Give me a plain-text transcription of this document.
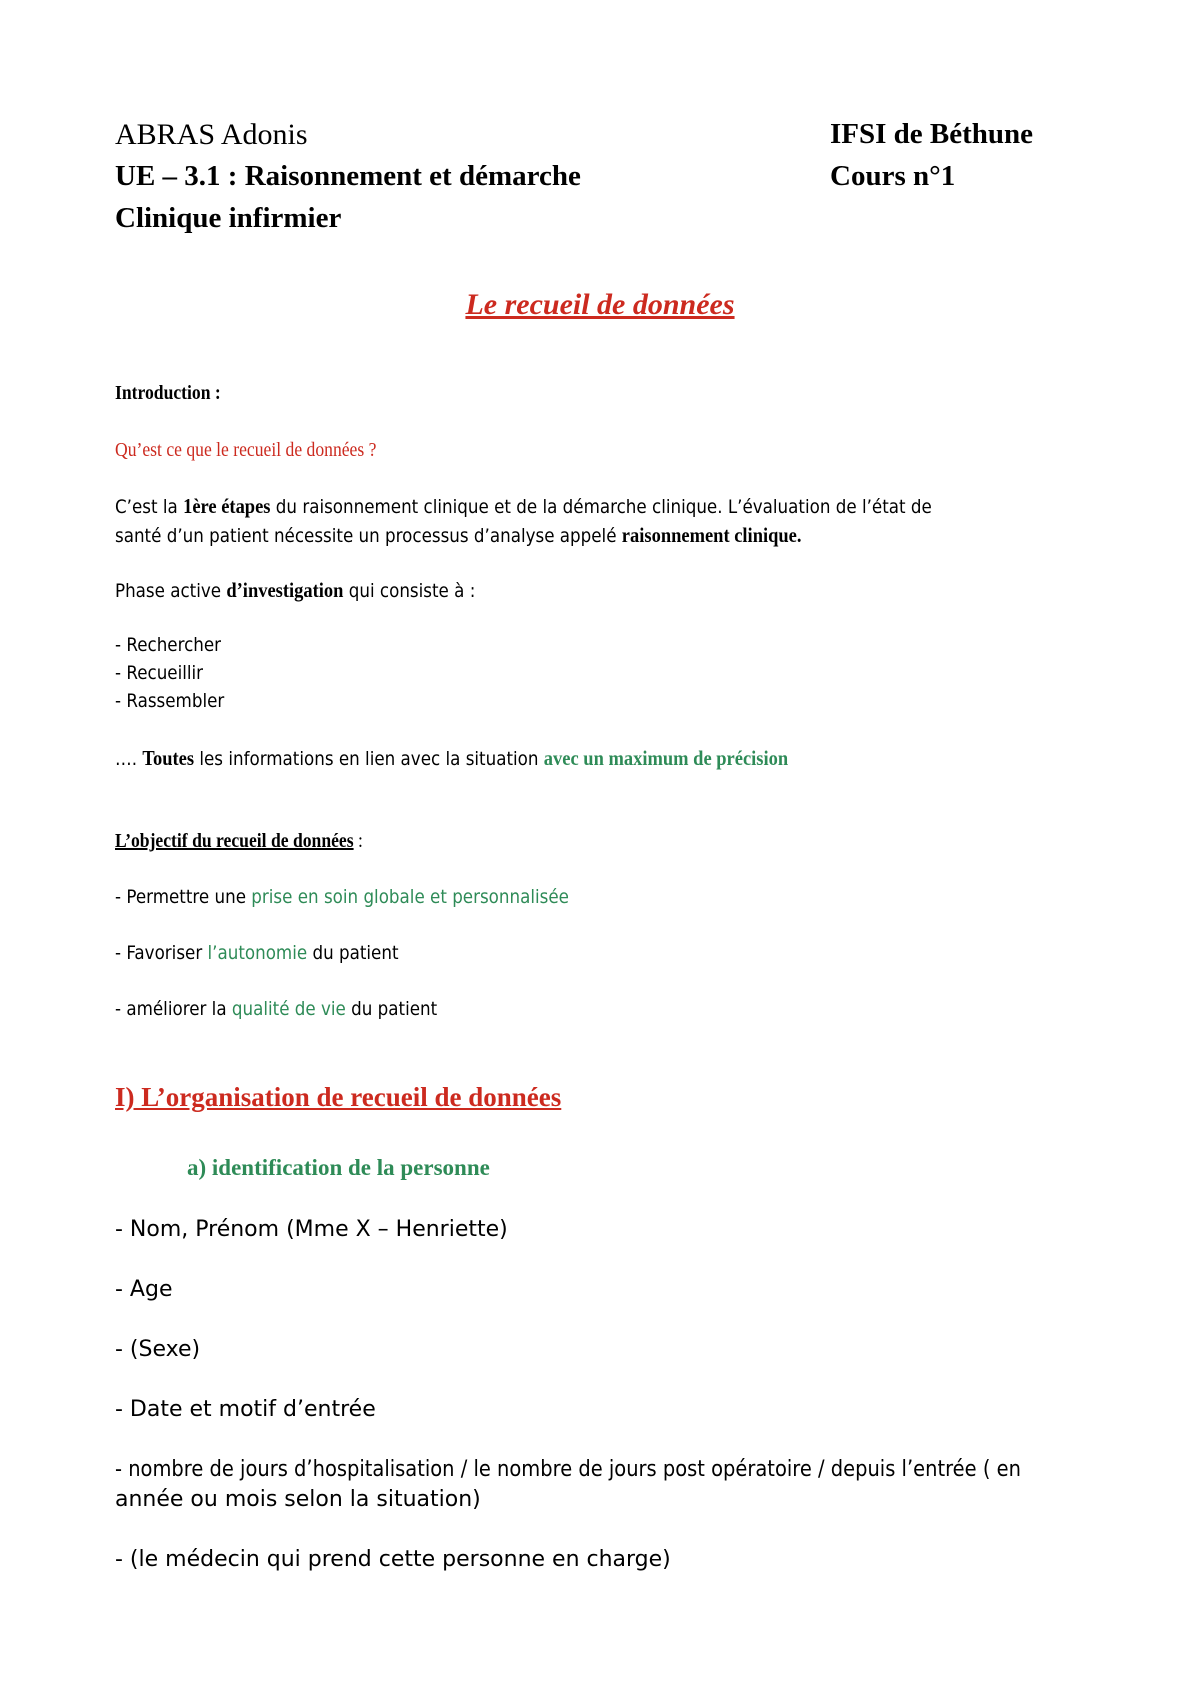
ABRAS Adonis	IFSI de Béthune
UE – 3.1 : Raisonnement et démarche	Cours n°1
Clinique infirmier
Le recueil de données
Introduction :
Qu’est ce que le recueil de données ?
C’est la 1ère étapes du raisonnement clinique et de la démarche clinique. L’évaluation de l’état de
santé d’un patient nécessite un processus d’analyse appelé raisonnement clinique.
Phase active d’investigation qui consiste à :
- Rechercher
- Recueillir
- Rassembler
…. Toutes les informations en lien avec la situation avec un maximum de précision
L’objectif du recueil de données :
- Permettre une prise en soin globale et personnalisée
- Favoriser l’autonomie du patient
- améliorer la qualité de vie du patient
I) L’organisation de recueil de données
a) identification de la personne
- Nom, Prénom (Mme X – Henriette)
- Age
- (Sexe)
- Date et motif d’entrée
- nombre de jours d’hospitalisation / le nombre de jours post opératoire / depuis l’entrée ( en
année ou mois selon la situation)
- (le médecin qui prend cette personne en charge)
